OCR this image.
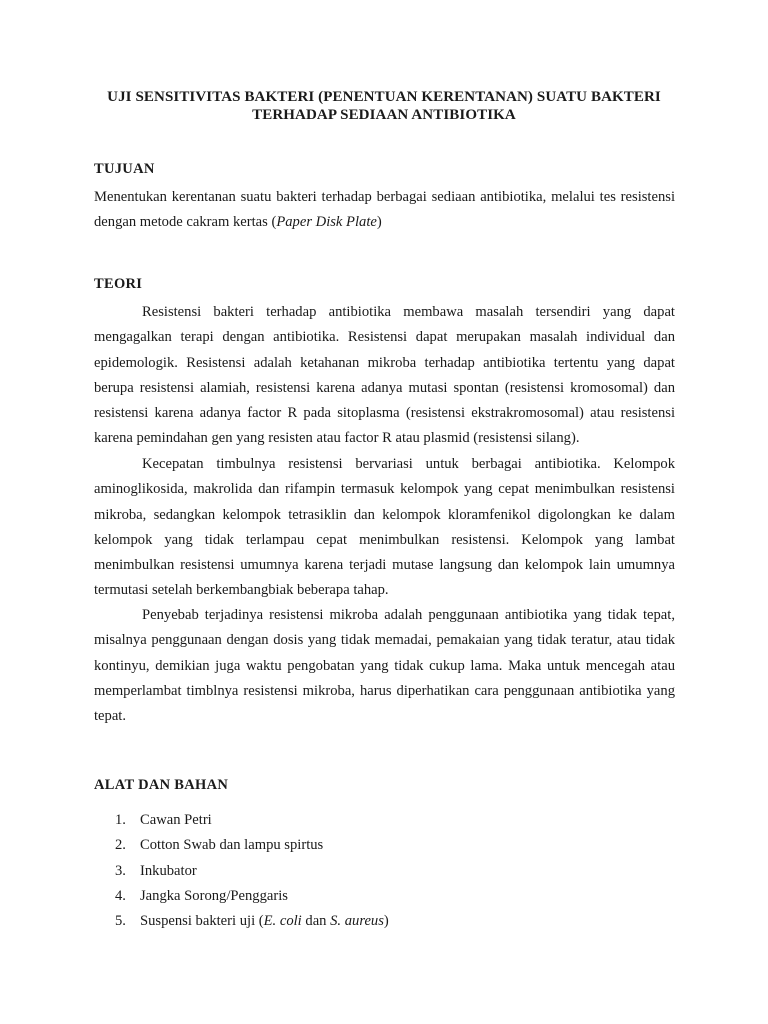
UJI SENSITIVITAS BAKTERI (PENENTUAN KERENTANAN) SUATU BAKTERI
TERHADAP SEDIAAN ANTIBIOTIKA
TUJUAN
Menentukan kerentanan suatu bakteri terhadap berbagai sediaan antibiotika, melalui tes resistensi dengan metode cakram kertas (Paper Disk Plate)
TEORI
Resistensi bakteri terhadap antibiotika membawa masalah tersendiri yang dapat mengagalkan terapi dengan antibiotika. Resistensi dapat merupakan masalah individual dan epidemologik. Resistensi adalah ketahanan mikroba terhadap antibiotika tertentu yang dapat berupa resistensi alamiah, resistensi karena adanya mutasi spontan (resistensi kromosomal) dan resistensi karena adanya factor R pada sitoplasma (resistensi ekstrakromosomal) atau resistensi karena pemindahan gen yang resisten atau factor R atau plasmid (resistensi silang).
Kecepatan timbulnya resistensi bervariasi untuk berbagai antibiotika. Kelompok aminoglikosida, makrolida dan rifampin termasuk kelompok yang cepat menimbulkan resistensi mikroba, sedangkan kelompok tetrasiklin dan kelompok kloramfenikol digolongkan ke dalam kelompok yang tidak terlampau cepat menimbulkan resistensi. Kelompok yang lambat menimbulkan resistensi umumnya karena terjadi mutase langsung dan kelompok lain umumnya termutasi setelah berkembangbiak beberapa tahap.
Penyebab terjadinya resistensi mikroba adalah penggunaan antibiotika yang tidak tepat, misalnya penggunaan dengan dosis yang tidak memadai, pemakaian yang tidak teratur, atau tidak kontinyu, demikian juga waktu pengobatan yang tidak cukup lama. Maka untuk mencegah atau memperlambat timblnya resistensi mikroba, harus diperhatikan cara penggunaan antibiotika yang tepat.
ALAT DAN BAHAN
1. Cawan Petri
2. Cotton Swab dan lampu spirtus
3. Inkubator
4. Jangka Sorong/Penggaris
5. Suspensi bakteri uji (E. coli dan S. aureus)
